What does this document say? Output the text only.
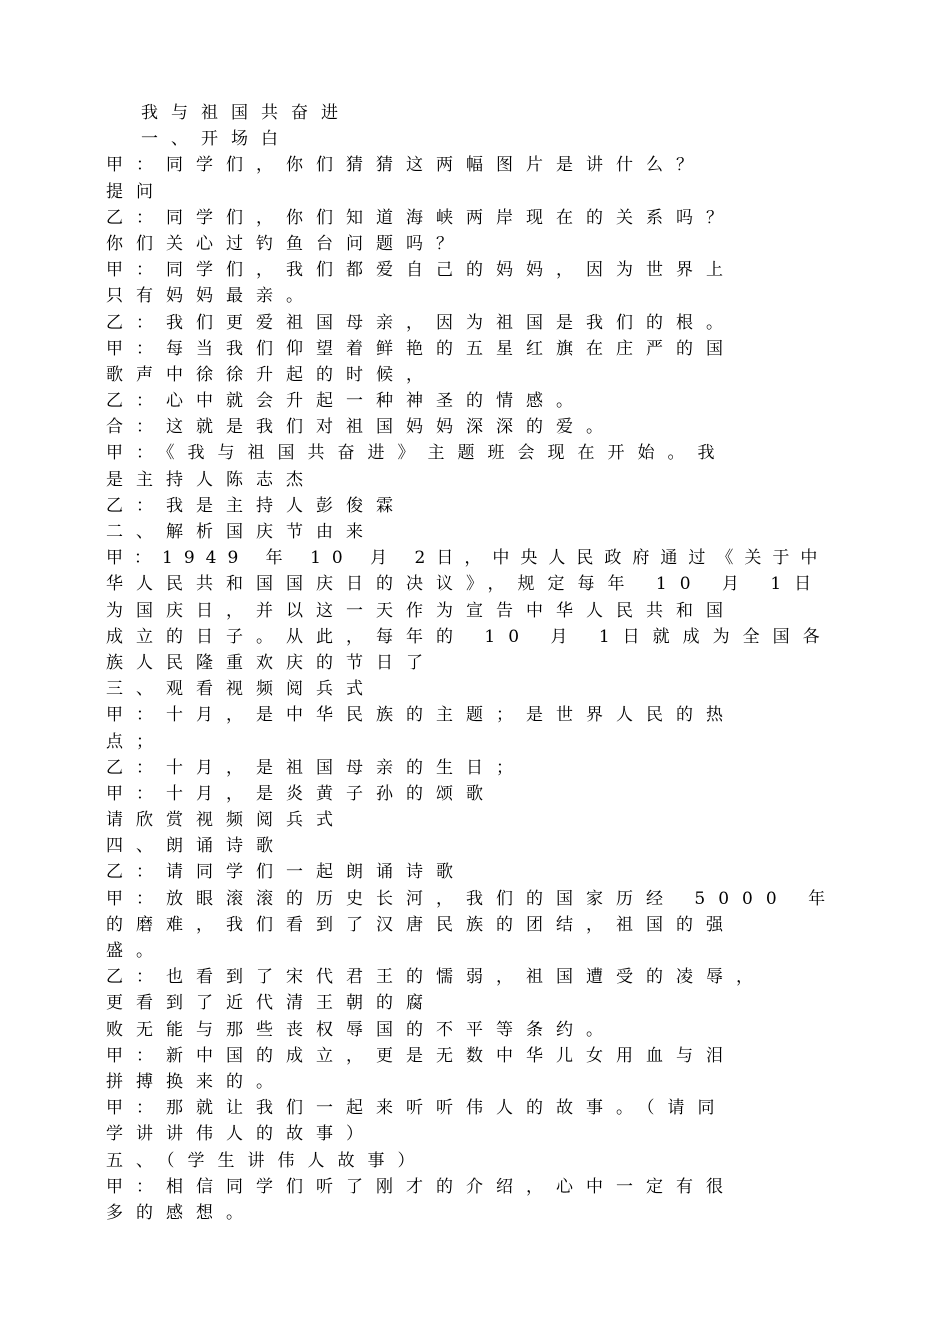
我与祖国共奋进
一、开场白
甲：同学们，你们猜猜这两幅图片是讲什么？
提问
乙：同学们，你们知道海峡两岸现在的关系吗？
你们关心过钓鱼台问题吗？
甲：同学们，我们都爱自己的妈妈，因为世界上
只有妈妈最亲。
乙：我们更爱祖国母亲，因为祖国是我们的根。
甲：每当我们仰望着鲜艳的五星红旗在庄严的国
歌声中徐徐升起的时候，
乙：心中就会升起一种神圣的情感。
合：这就是我们对祖国妈妈深深的爱。
甲：《我与祖国共奋进》主题班会现在开始。我
是主持人陈志杰
乙：我是主持人彭俊霖
二、解析国庆节由来
甲：1949 年 10 月 2日，中央人民政府通过《关于中
华人民共和国国庆日的决议》，规定每年 10 月 1日
为国庆日，并以这一天作为宣告中华人民共和国
成立的日子。从此，每年的 10 月 1日就成为全国各
族人民隆重欢庆的节日了
三、观看视频阅兵式
甲：十月，是中华民族的主题；是世界人民的热
点；
乙：十月，是祖国母亲的生日；
甲：十月，是炎黄子孙的颂歌
请欣赏视频阅兵式
四、朗诵诗歌
乙：请同学们一起朗诵诗歌
甲：放眼滚滚的历史长河，我们的国家历经 5000 年
的磨难，我们看到了汉唐民族的团结，祖国的强
盛。
乙：也看到了宋代君王的懦弱，祖国遭受的凌辱，
更看到了近代清王朝的腐
败无能与那些丧权辱国的不平等条约。
甲：新中国的成立，更是无数中华儿女用血与泪
拼搏换来的。
甲：那就让我们一起来听听伟人的故事。（请同
学讲讲伟人的故事）
五、（学生讲伟人故事）
甲：相信同学们听了刚才的介绍，心中一定有很
多的感想。
